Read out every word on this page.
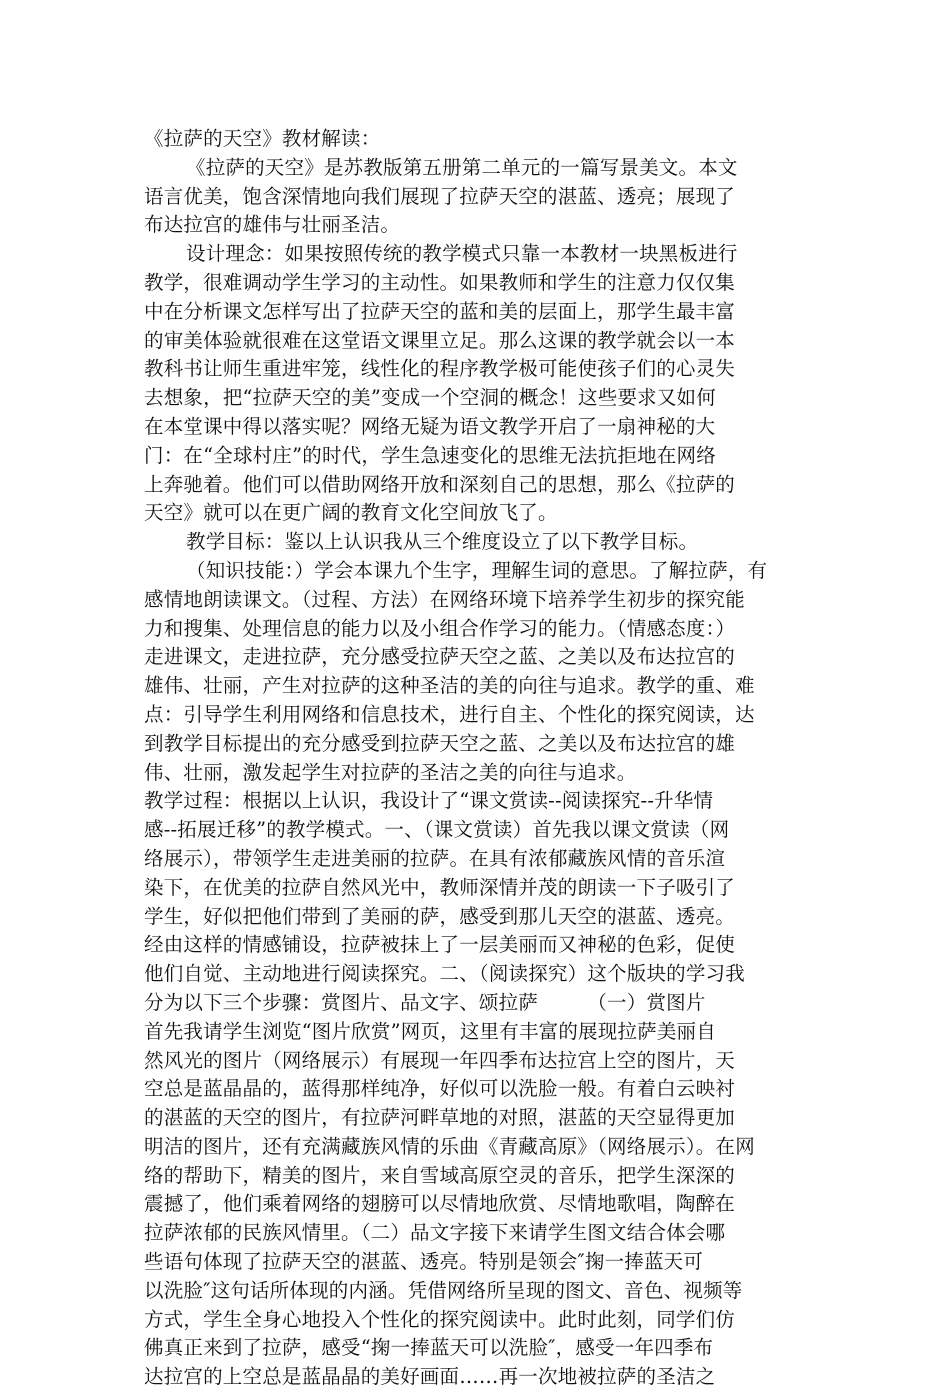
《拉萨的天空》教材解读：
《拉萨的天空》是苏教版第五册第二单元的一篇写景美文。本文
语言优美，饱含深情地向我们展现了拉萨天空的湛蓝、透亮；展现了
布达拉宫的雄伟与壮丽圣洁。
设计理念：如果按照传统的教学模式只靠一本教材一块黑板进行
教学，很难调动学生学习的主动性。如果教师和学生的注意力仅仅集
中在分析课文怎样写出了拉萨天空的蓝和美的层面上，那学生最丰富
的审美体验就很难在这堂语文课里立足。那么这课的教学就会以一本
教科书让师生重进牢笼，线性化的程序教学极可能使孩子们的心灵失
去想象，把“拉萨天空的美”变成一个空洞的概念！这些要求又如何
在本堂课中得以落实呢？网络无疑为语文教学开启了一扇神秘的大
门：在“全球村庄”的时代，学生急速变化的思维无法抗拒地在网络
上奔驰着。他们可以借助网络开放和深刻自己的思想，那么《拉萨的
天空》就可以在更广阔的教育文化空间放飞了。
教学目标：鉴以上认识我从三个维度设立了以下教学目标。
（知识技能：）学会本课九个生字，理解生词的意思。了解拉萨，有
感情地朗读课文。（过程、方法）在网络环境下培养学生初步的探究能
力和搜集、处理信息的能力以及小组合作学习的能力。（情感态度：）
走进课文，走进拉萨，充分感受拉萨天空之蓝、之美以及布达拉宫的
雄伟、壮丽，产生对拉萨的这种圣洁的美的向往与追求。教学的重、难
点：引导学生利用网络和信息技术，进行自主、个性化的探究阅读，达
到教学目标提出的充分感受到拉萨天空之蓝、之美以及布达拉宫的雄
伟、壮丽，激发起学生对拉萨的圣洁之美的向往与追求。
教学过程：根据以上认识，我设计了“课文赏读--阅读探究--升华情
感--拓展迁移”的教学模式。一、（课文赏读）首先我以课文赏读（网
络展示），带领学生走进美丽的拉萨。在具有浓郁藏族风情的音乐渲
染下，在优美的拉萨自然风光中，教师深情并茂的朗读一下子吸引了
学生，好似把他们带到了美丽的萨，感受到那儿天空的湛蓝、透亮。
经由这样的情感铺设，拉萨被抹上了一层美丽而又神秘的色彩，促使
他们自觉、主动地进行阅读探究。二、（阅读探究）这个版块的学习我
分为以下三个步骤：赏图片、品文字、颂拉萨　　　（一）赏图片
首先我请学生浏览“图片欣赏”网页，这里有丰富的展现拉萨美丽自
然风光的图片（网络展示）有展现一年四季布达拉宫上空的图片，天
空总是蓝晶晶的，蓝得那样纯净，好似可以洗脸一般。有着白云映衬
的湛蓝的天空的图片，有拉萨河畔草地的对照，湛蓝的天空显得更加
明洁的图片，还有充满藏族风情的乐曲《青藏高原》（网络展示）。在网
络的帮助下，精美的图片，来自雪域高原空灵的音乐，把学生深深的
震撼了，他们乘着网络的翅膀可以尽情地欣赏、尽情地歌唱，陶醉在
拉萨浓郁的民族风情里。（二）品文字接下来请学生图文结合体会哪
些语句体现了拉萨天空的湛蓝、透亮。特别是领会″掬一捧蓝天可
以洗脸″这句话所体现的内涵。凭借网络所呈现的图文、音色、视频等
方式，学生全身心地投入个性化的探究阅读中。此时此刻，同学们仿
佛真正来到了拉萨，感受“掬一捧蓝天可以洗脸″，感受一年四季布
达拉宫的上空总是蓝晶晶的美好画面……再一次地被拉萨的圣洁之
